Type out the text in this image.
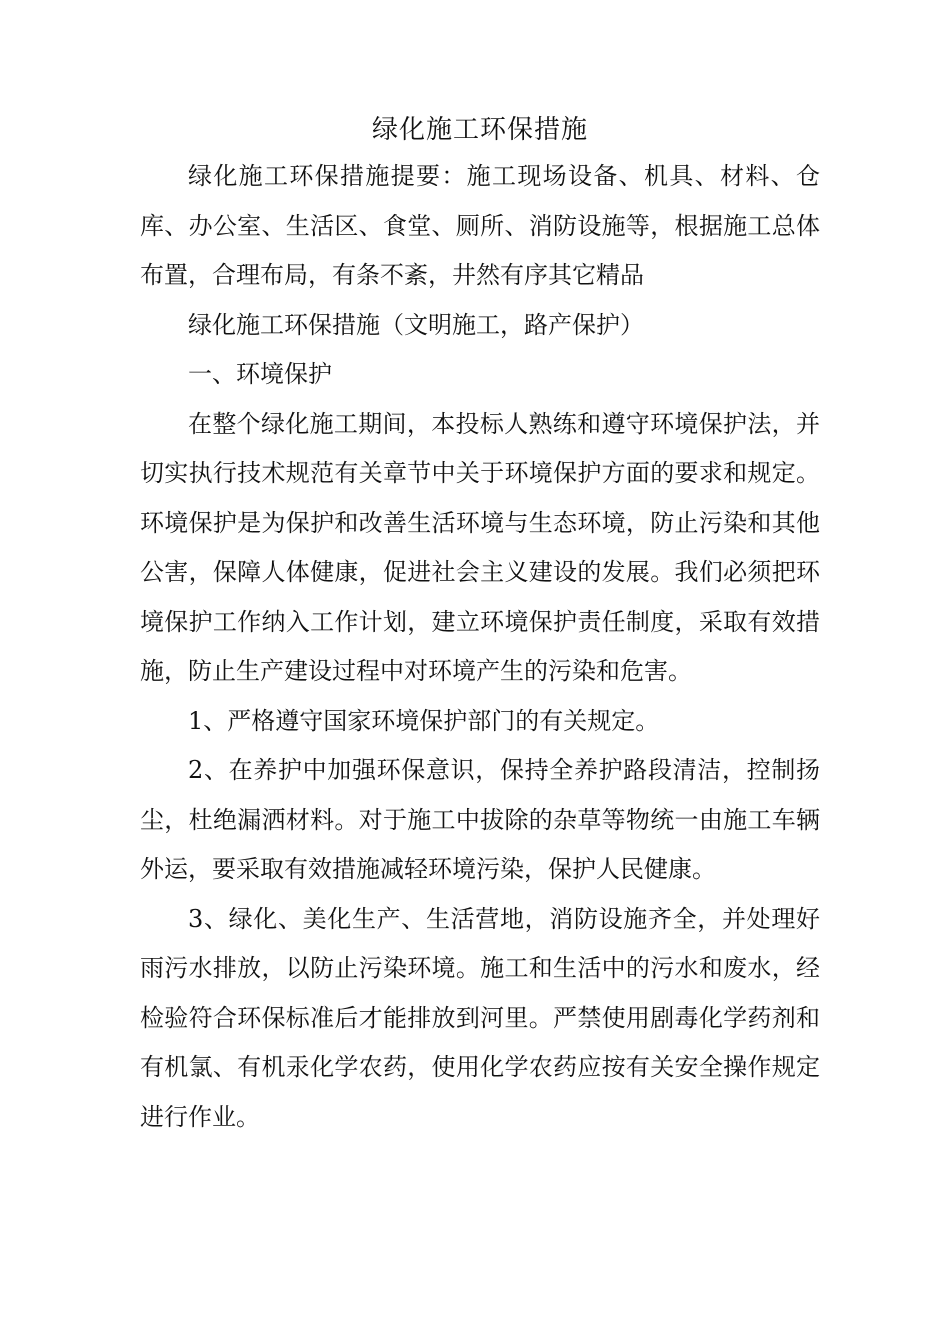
绿化施工环保措施

绿化施工环保措施提要：施工现场设备、机具、材料、仓库、办公室、生活区、食堂、厕所、消防设施等，根据施工总体布置，合理布局，有条不紊，井然有序其它精品

绿化施工环保措施（文明施工，路产保护）

一、环境保护

在整个绿化施工期间，本投标人熟练和遵守环境保护法，并切实执行技术规范有关章节中关于环境保护方面的要求和规定。环境保护是为保护和改善生活环境与生态环境，防止污染和其他公害，保障人体健康，促进社会主义建设的发展。我们必须把环境保护工作纳入工作计划，建立环境保护责任制度，采取有效措施，防止生产建设过程中对环境产生的污染和危害。

1、严格遵守国家环境保护部门的有关规定。

2、在养护中加强环保意识，保持全养护路段清洁，控制扬尘，杜绝漏洒材料。对于施工中拔除的杂草等物统一由施工车辆外运，要采取有效措施减轻环境污染，保护人民健康。

3、绿化、美化生产、生活营地，消防设施齐全，并处理好雨污水排放，以防止污染环境。施工和生活中的污水和废水，经检验符合环保标准后才能排放到河里。严禁使用剧毒化学药剂和有机氯、有机汞化学农药，使用化学农药应按有关安全操作规定进行作业。
